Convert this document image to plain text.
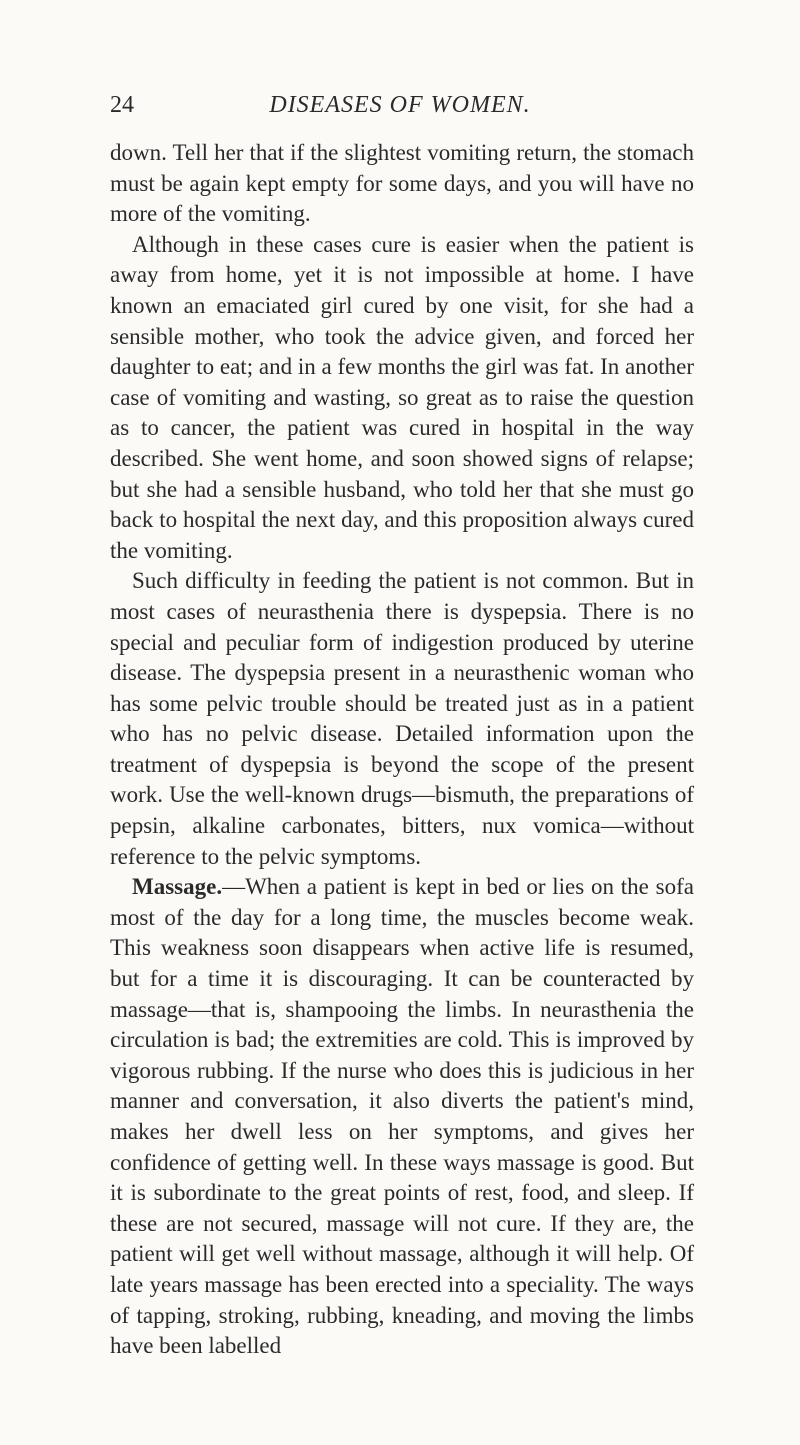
24	DISEASES OF WOMEN.

down. Tell her that if the slightest vomiting return, the stomach must be again kept empty for some days, and you will have no more of the vomiting.

Although in these cases cure is easier when the patient is away from home, yet it is not impossible at home. I have known an emaciated girl cured by one visit, for she had a sensible mother, who took the advice given, and forced her daughter to eat; and in a few months the girl was fat. In another case of vomiting and wasting, so great as to raise the question as to cancer, the patient was cured in hospital in the way described. She went home, and soon showed signs of relapse; but she had a sensible husband, who told her that she must go back to hospital the next day, and this proposition always cured the vomiting.

Such difficulty in feeding the patient is not common. But in most cases of neurasthenia there is dyspepsia. There is no special and peculiar form of indigestion produced by uterine disease. The dyspepsia present in a neurasthenic woman who has some pelvic trouble should be treated just as in a patient who has no pelvic disease. Detailed information upon the treatment of dyspepsia is beyond the scope of the present work. Use the well-known drugs—bismuth, the preparations of pepsin, alkaline carbonates, bitters, nux vomica—without reference to the pelvic symptoms.

Massage.—When a patient is kept in bed or lies on the sofa most of the day for a long time, the muscles become weak. This weakness soon disappears when active life is resumed, but for a time it is discouraging. It can be counteracted by massage—that is, shampooing the limbs. In neurasthenia the circulation is bad; the extremities are cold. This is improved by vigorous rubbing. If the nurse who does this is judicious in her manner and conversation, it also diverts the patient's mind, makes her dwell less on her symptoms, and gives her confidence of getting well. In these ways massage is good. But it is subordinate to the great points of rest, food, and sleep. If these are not secured, massage will not cure. If they are, the patient will get well without massage, although it will help. Of late years massage has been erected into a speciality. The ways of tapping, stroking, rubbing, kneading, and moving the limbs have been labelled
